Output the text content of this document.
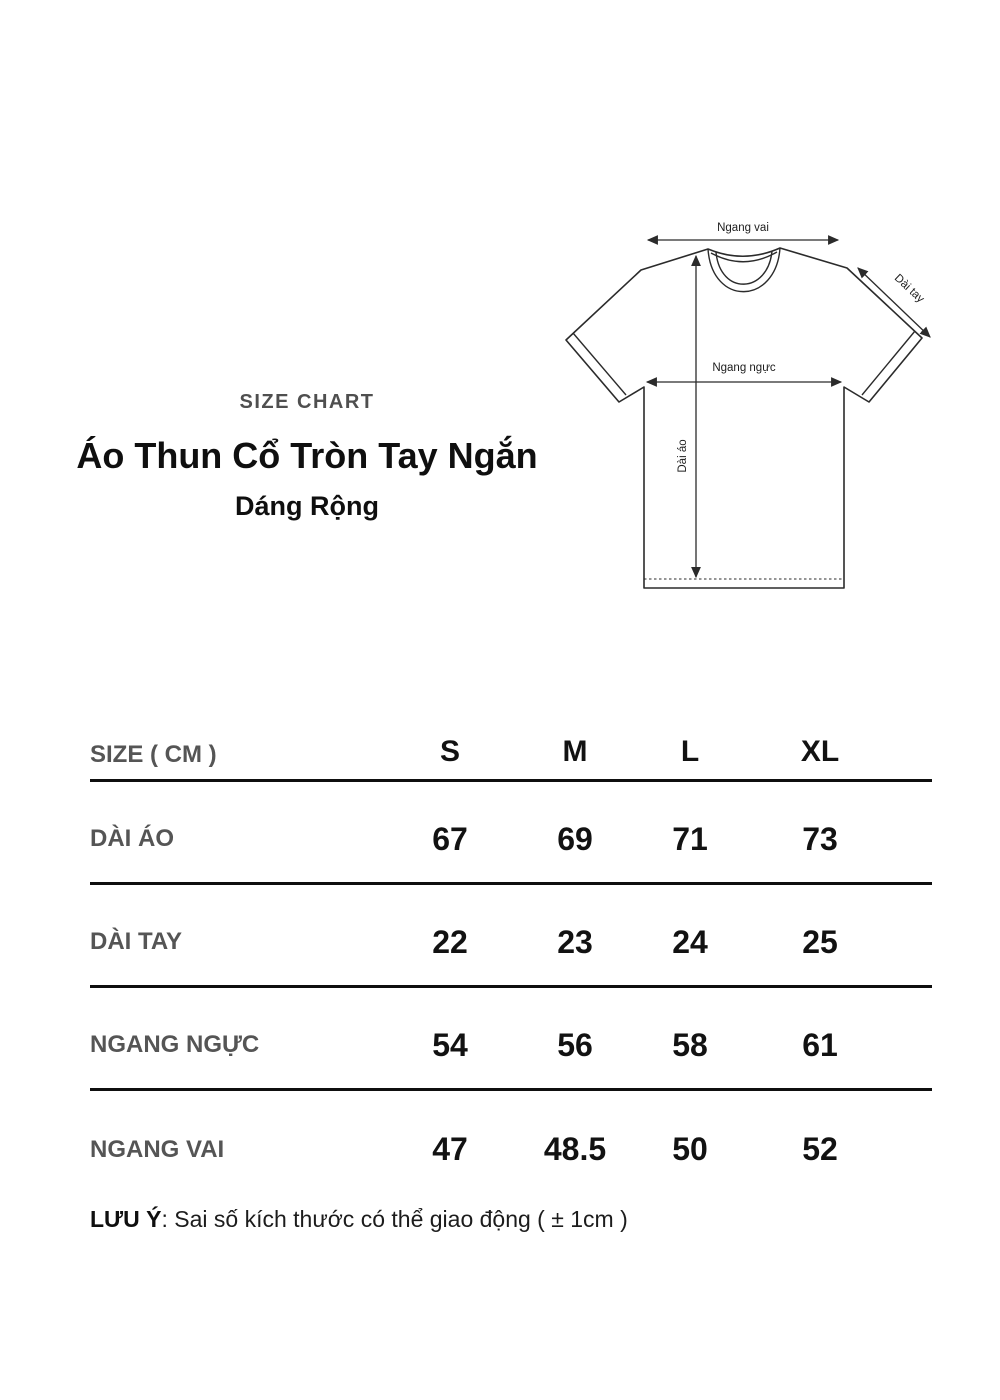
SIZE CHART
Áo Thun Cổ Tròn Tay Ngắn
Dáng Rộng
Ngang vai
Ngang ngực
Dài áo
Dài tay
SIZE ( CM )	S	M	L	XL
DÀI ÁO	67	69	71	73
DÀI TAY	22	23	24	25
NGANG NGỰC	54	56	58	61
NGANG VAI	47	48.5	50	52
LƯU Ý: Sai số kích thước có thể giao động ( ± 1cm )
